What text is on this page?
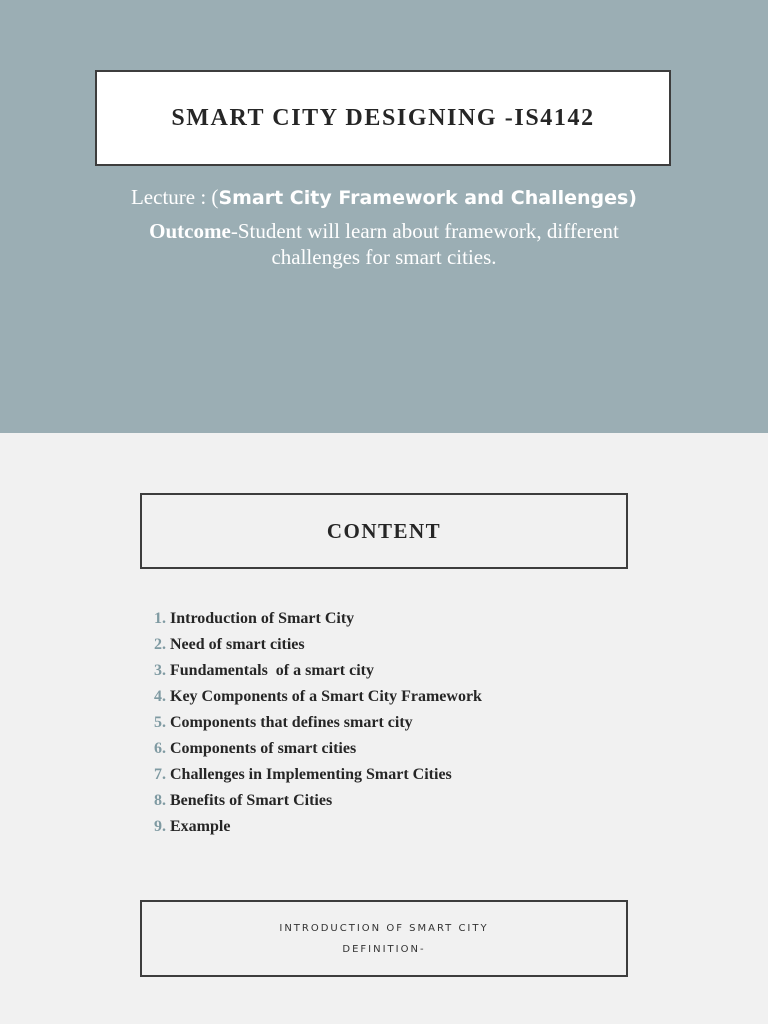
SMART CITY DESIGNING -IS4142
Lecture : (Smart City Framework and Challenges)
Outcome-Student will learn about framework, different challenges for smart cities.
CONTENT
1. Introduction of Smart City
2. Need of smart cities
3. Fundamentals  of a smart city
4. Key Components of a Smart City Framework
5. Components that defines smart city
6. Components of smart cities
7. Challenges in Implementing Smart Cities
8. Benefits of Smart Cities
9. Example
INTRODUCTION OF SMART CITY
DEFINITION-
